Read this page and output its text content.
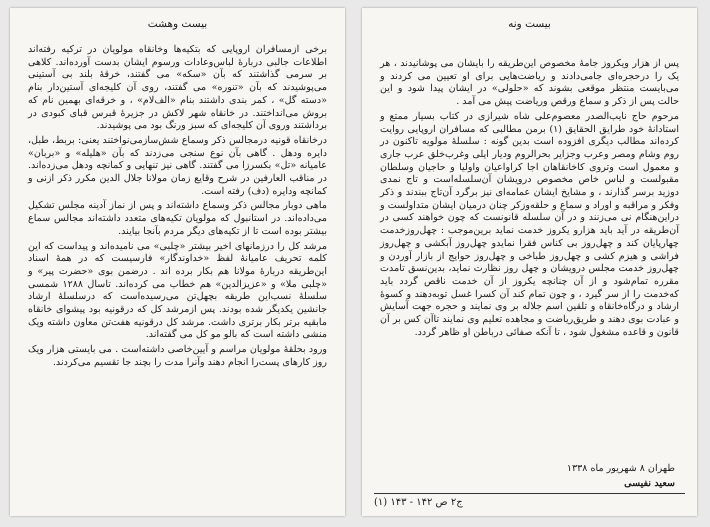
بیست وهشت

برخی ازمسافران اروپایی که بتکیه‌ها وخانقاه مولویان در ترکیه رفته‌اند اطلاعات جالبی دربارهٔ لباس‌وعادات ورسوم ایشان بدست آورده‌اند. کلاهی بر سرمی گذاشتند که بآن «سکه» می گفتند، خرقهٔ بلند بی آستینی می‌پوشیدند که بآن «تنوره» می گفتند، روی آن کلیجه‌ای آستین‌دار بنام «دسته گل» ، کمر بندی داشتند بنام «الف‌لام» ، و خرقه‌ای بهمین نام که بروش می‌انداختند. در خانقاه شهر لاکش در جزیرهٔ قبرس قبای کبودی در برداشتند وروی آن کلیجه‌ای که سبز ورنگ بود می پوشیدند.

درخانقاه قونیه درمجالس ذکر وسماع شش‌سازمی‌نواختند یعنی: بربط، طبل، دایره ودهل . گاهی بآن نوع سنجی می‌زدند که بآن «هلیله» و «بربان» عامیانه «تل» بکسرزا می گفتند. گاهی نیز تنهایی و کمانچه ودهل می‌زده‌اند. در مناقب العارفین در شرح وقایع زمان مولانا جلال الدین مکرر ذکر ازنی و کمانچه ودایره (دف) رفته است.

ماهی دوبار مجالس ذکر وسماع داشته‌اند و پس از نماز آدینه مجلس تشکیل می‌داده‌اند. در استانبول که مولویان تکیه‌های متعدد داشته‌اند مجالس سماع بیشتر بوده است تا از تکیه‌های دیگر مردم بآنجا بیایند.

مرشد کل را درزمانهای اخیر بیشتر «چلبی» می نامیده‌اند و پیداست که این کلمه تحریف عامیانهٔ لفظ «خداوندگار» فارسیست که در همهٔ اسناد این‌طریقه دربارهٔ مولانا هم بکار برده اند . درضمن بوی «حضرت پیر» و «چلبی ملا» و «عزیزالدین» هم خطاب می کرده‌اند. تاسال ۱۲۸۸ شمسی سلسلهٔ نسب‌این طریقه بچهل‌تن می‌رسیده‌است که درسلسلهٔ ارشاد جانشین یکدیگر شده بودند. پس ازمرشد کل که درقونیه بود پیشوای خانقاه مابقیه برتر بکار برتری داشت. مرشد کل درقونیه هفت‌تن معاون داشته ویک منشی داشته است که بالو مو کل می گفته‌اند.

ورود بحلقهٔ مولویان مراسم و آیین‌خاصی داشته‌است . می بایستی هزار ویک روز کارهای پست‌را انجام دهند وآنرا مدت را بچند جا تقسیم می‌کردند.

بیست ونه

پس از هزار ویکروز جامهٔ مخصوص این‌طریقه را بایشان می پوشانیدند ، هر یک را درحجره‌ای جامی‌دادند و ریاضت‌هایی برای او تعیین می کردند و می‌بایست منتظر موقعی بشوند که «حلولی» در ایشان پیدا شود و این حالت پس از ذکر و سماع ورقص وریاضت پیش می آمد .

مرحوم حاج نایب‌الصدر معصوم‌علی شاه شیرازی در کتاب بسیار ممتع و استادانهٔ خود طرایق الحقایق (۱) برمن مطالبی که مسافران اروپایی روایت کرده‌اند مطالب دیگری افزوده است بدین گونه : سلسلهٔ مولویه تاکنون در روم وشام ومصر وعرب وجزایر بحرالروم ودیار ایلی وغرب‌خلق عرب جاری و معمول است وتروی کاخانقاهان اجا کراواعیان واولیا و حاجیان وسلطان مقبولست و لباس خاص مخصوص درویشان آن‌سلسله‌است و تاج نمدی دوزید برسر گذارند ، و مشایخ ایشان عمامه‌ای نیز برگرد آن‌تاج ببندند و ذکر وفکر و مراقبه و اوراد و سماع و حلقه‌وزکر چنان درمیان ایشان متداولست و دراین‌هنگام نی می‌زنند و در آن سلسله قانونست که چون خواهند کسی در آن‌طریقه در آید باید هزارو یکروز خدمت نماید برین‌موجب : چهل‌روزخدمت چهارپایان کند و چهل‌روز بی کناس فقرا نمایدو چهل‌روز آبکشی و چهل‌روز فراشی و هیزم کشی و چهل‌روز طباخی و چهل‌روز حوایج از بازار آوردن و چهل‌روز خدمت مجلس درویشان و چهل روز نظارت نماید، بدین‌نسق تامدت مقرره تمام‌شود و از آن چنانچه یکروز از آن خدمت ناقص گردد باید که‌خدمت را از سر گیرد ، و چون تمام کند آن کسرا غسل توبه‌دهند و کسوهٔ ارشاد و درگاه‌خانقاه و تلقین اسم جلاله بر وی نمایند و حجره جهت آسایش و عبادت بوی دهند و طریق‌ریاضت و مجاهده تعلیم وی نمایند تاآن کس بر آن قانون و قاعده مشغول شود ، تا آنکه صفائی درباطن او ظاهر گردد.

طهران ۸ شهریور ماه ۱۳۳۸
سعید نفیسی
(۱) ج۲ ص ۱۴۲ - ۱۴۳
